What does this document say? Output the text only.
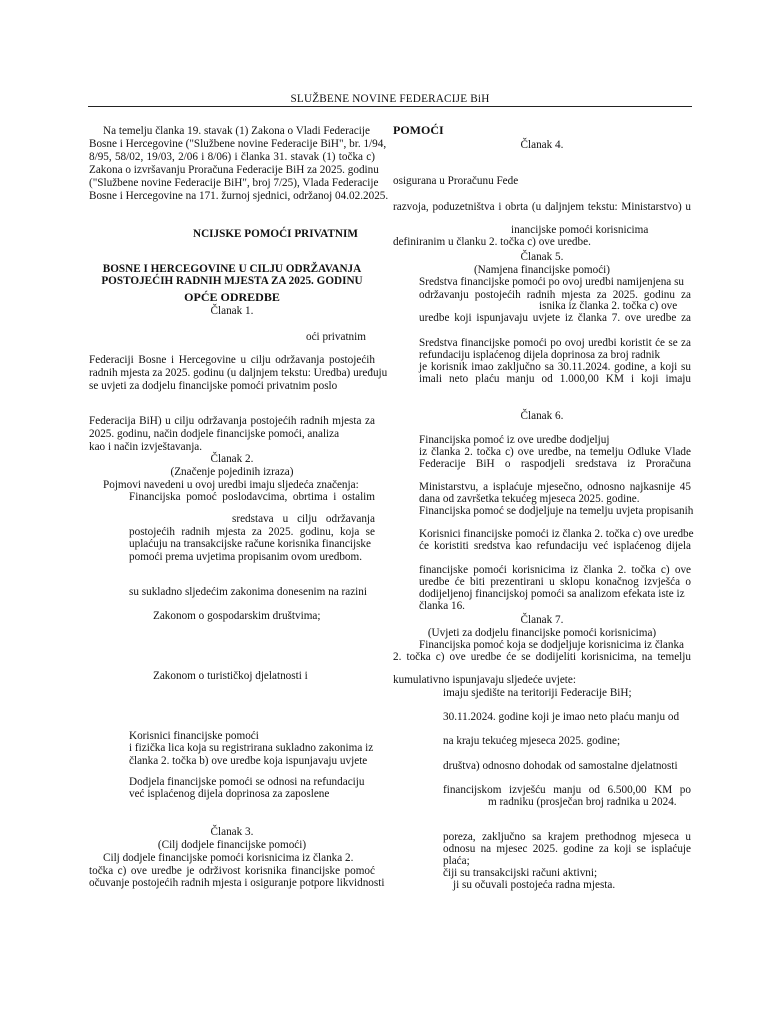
SLUŽBENE NOVINE FEDERACIJE BiH
Na temelju članka 19. stavak (1) Zakona o Vladi Federacije
Bosne i Hercegovine ("Službene novine Federacije BiH", br. 1/94,
8/95, 58/02, 19/03, 2/06 i 8/06) i članka 31. stavak (1) točka c)
Zakona o izvršavanju Proračuna Federacije BiH za 2025. godinu
("Službene novine Federacije BiH", broj 7/25), Vlada Federacije
Bosne i Hercegovine na 171. žurnoj sjednici, održanoj 04.02.2025.
NCIJSKE POMOĆI PRIVATNIM
BOSNE I HERCEGOVINE U CILJU ODRŽAVANJA
POSTOJEĆIH RADNIH MJESTA ZA 2025. GODINU
OPĆE ODREDBE
Članak 1.
oći privatnim
Federaciji Bosne i Hercegovine u cilju održavanja postojećih
radnih mjesta za 2025. godinu (u daljnjem tekstu: Uredba) uređuju
se uvjeti za dodjelu financijske pomoći privatnim poslo
Federacija BiH) u cilju održavanja postojećih radnih mjesta za
2025. godinu, način dodjele financijske pomoći, analiza
kao i način izvještavanja.
Članak 2.
(Značenje pojedinih izraza)
Pojmovi navedeni u ovoj uredbi imaju sljedeća značenja:
Financijska pomoć poslodavcima, obrtima i ostalim
sredstava u cilju održavanja
postojećih radnih mjesta za 2025. godinu, koja se
uplaćuju na transakcijske račune korisnika financijske
pomoći prema uvjetima propisanim ovom uredbom.
su sukladno sljedećim zakonima donesenim na razini
Zakonom o gospodarskim društvima;
Zakonom o turističkoj djelatnosti i
Korisnici financijske pomoći
i fizička lica koja su registrirana sukladno zakonima iz
članka 2. točka b) ove uredbe koja ispunjavaju uvjete
Dodjela financijske pomoći se odnosi na refundaciju
već isplaćenog dijela doprinosa za zaposlene
Članak 3.
(Cilj dodjele financijske pomoći)
Cilj dodjele financijske pomoći korisnicima iz članka 2.
točka c) ove uredbe je održivost korisnika financijske pomoć
očuvanje postojećih radnih mjesta i osiguranje potpore likvidnosti
POMOĆI
Članak 4.
osigurana u Proračunu Fede
razvoja, poduzetništva i obrta (u daljnjem tekstu: Ministarstvo) u
inancijske pomoći korisnicima
definiranim u članku 2. točka c) ove uredbe.
Članak 5.
(Namjena financijske pomoći)
Sredstva financijske pomoći po ovoj uredbi namijenjena su
održavanju postojećih radnih mjesta za 2025. godinu za
isnika iz članka 2. točka c) ove
uredbe koji ispunjavaju uvjete iz članka 7. ove uredbe za
Sredstva financijske pomoći po ovoj uredbi koristit će se za
refundaciju isplaćenog dijela doprinosa za broj radnik
je korisnik imao zaključno sa 30.11.2024. godine, a koji su
imali neto plaću manju od 1.000,00 KM i koji imaju
Članak 6.
Financijska pomoć iz ove uredbe dodjeljuj
iz članka 2. točka c) ove uredbe, na temelju Odluke Vlade
Federacije BiH o raspodjeli sredstava iz Proračuna
Ministarstvu, a isplaćuje mjesečno, odnosno najkasnije 45
dana od završetka tekućeg mjeseca 2025. godine.
Financijska pomoć se dodjeljuje na temelju uvjeta propisanih
Korisnici financijske pomoći iz članka 2. točka c) ove uredbe
će koristiti sredstva kao refundaciju već isplaćenog dijela
financijske pomoći korisnicima iz članka 2. točka c) ove
uredbe će biti prezentirani u sklopu konačnog izvješća o
dodijeljenoj financijskoj pomoći sa analizom efekata iste iz
članka 16.
Članak 7.
(Uvjeti za dodjelu financijske pomoći korisnicima)
Financijska pomoć koja se dodjeljuje korisnicima iz članka
2. točka c) ove uredbe će se dodijeliti korisnicima, na temelju
kumulativno ispunjavaju sljedeće uvjete:
imaju sjedište na teritoriji Federacije BiH;
30.11.2024. godine koji je imao neto plaću manju od
na kraju tekućeg mjeseca 2025. godine;
društva) odnosno dohodak od samostalne djelatnosti
financijskom izvješću manju od 6.500,00 KM po
m radniku (prosječan broj radnika u 2024.
poreza, zaključno sa krajem prethodnog mjeseca u
odnosu na mjesec 2025. godine za koji se isplaćuje
plaća;
čiji su transakcijski računi aktivni;
ji su očuvali postojeća radna mjesta.
